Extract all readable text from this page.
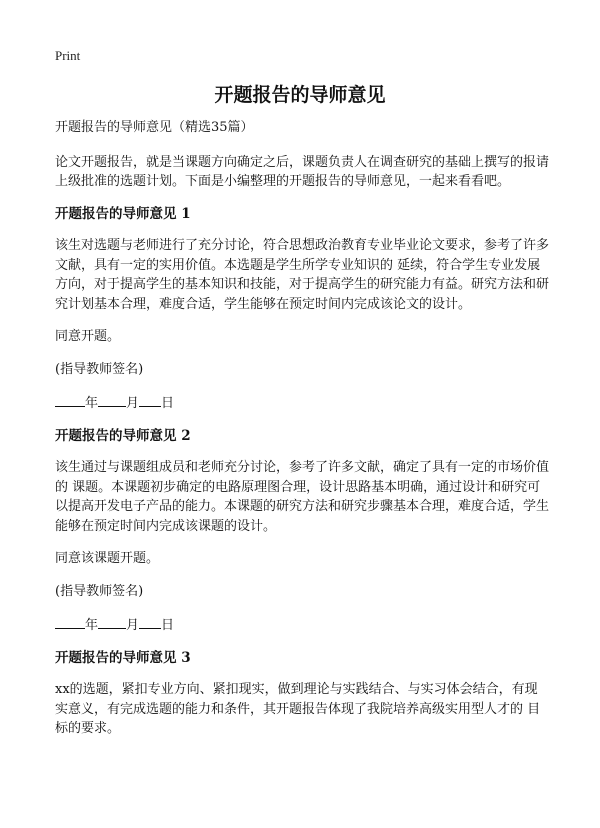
Print
开题报告的导师意见
开题报告的导师意见（精选35篇）
论文开题报告，就是当课题方向确定之后，课题负责人在调查研究的基础上撰写的报请上级批准的选题计划。下面是小编整理的开题报告的导师意见，一起来看看吧。
开题报告的导师意见 1
该生对选题与老师进行了充分讨论，符合思想政治教育专业毕业论文要求，参考了许多文献，具有一定的实用价值。本选题是学生所学专业知识的 延续，符合学生专业发展方向，对于提高学生的基本知识和技能，对于提高学生的研究能力有益。研究方法和研究计划基本合理，难度合适，学生能够在预定时间内完成该论文的设计。
同意开题。
(指导教师签名)
年 月 日
开题报告的导师意见 2
该生通过与课题组成员和老师充分讨论，参考了许多文献，确定了具有一定的市场价值的 课题。本课题初步确定的电路原理图合理，设计思路基本明确，通过设计和研究可以提高开发电子产品的能力。本课题的研究方法和研究步骤基本合理，难度合适，学生能够在预定时间内完成该课题的设计。
同意该课题开题。
(指导教师签名)
年 月 日
开题报告的导师意见 3
xx的选题，紧扣专业方向、紧扣现实，做到理论与实践结合、与实习体会结合，有现实意义，有完成选题的能力和条件，其开题报告体现了我院培养高级实用型人才的 目标的要求。
